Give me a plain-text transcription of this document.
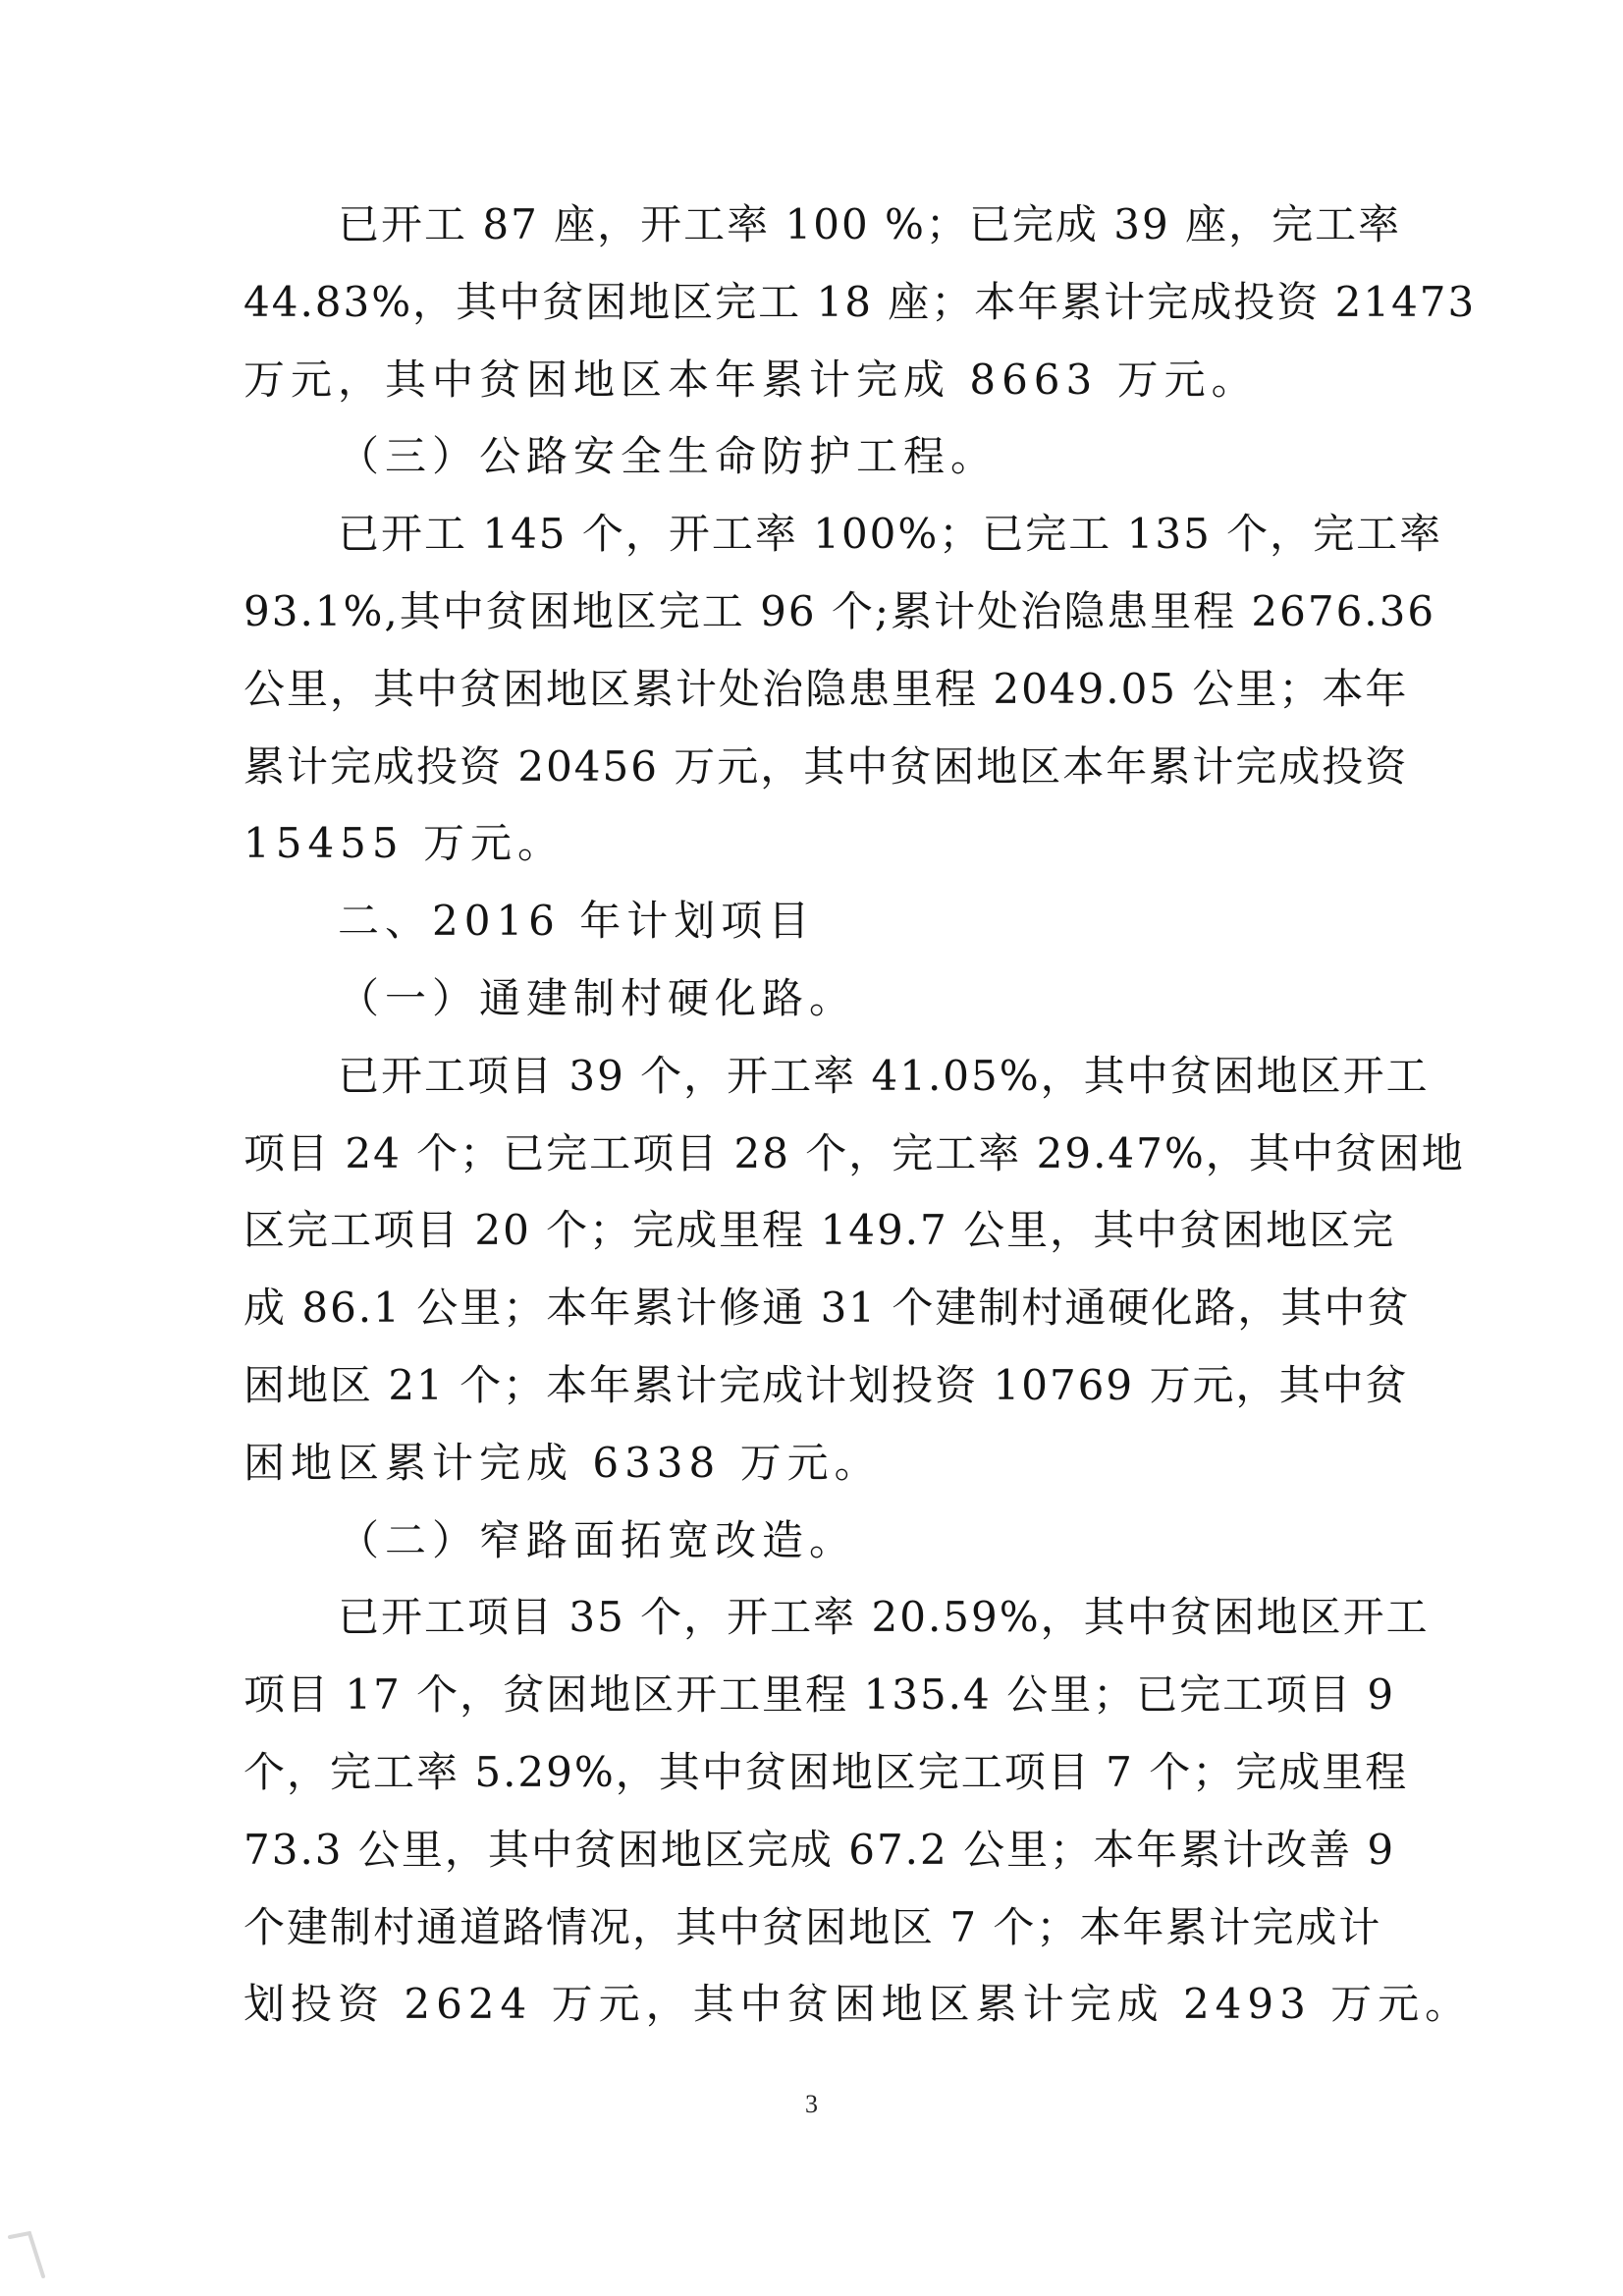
已开工 87 座，开工率 100 %；已完成 39 座，完工率
44.83%，其中贫困地区完工 18 座；本年累计完成投资 21473
万元，其中贫困地区本年累计完成 8663 万元。
（三）公路安全生命防护工程。
已开工 145 个，开工率 100%；已完工 135 个，完工率
93.1%,其中贫困地区完工 96 个;累计处治隐患里程 2676.36
公里，其中贫困地区累计处治隐患里程 2049.05 公里；本年
累计完成投资 20456 万元，其中贫困地区本年累计完成投资
15455 万元。
二、2016 年计划项目
（一）通建制村硬化路。
已开工项目 39 个，开工率 41.05%，其中贫困地区开工
项目 24 个；已完工项目 28 个，完工率 29.47%，其中贫困地
区完工项目 20 个；完成里程 149.7 公里，其中贫困地区完
成 86.1 公里；本年累计修通 31 个建制村通硬化路，其中贫
困地区 21 个；本年累计完成计划投资 10769 万元，其中贫
困地区累计完成 6338 万元。
（二）窄路面拓宽改造。
已开工项目 35 个，开工率 20.59%，其中贫困地区开工
项目 17 个，贫困地区开工里程 135.4 公里；已完工项目 9
个，完工率 5.29%，其中贫困地区完工项目 7 个；完成里程
73.3 公里，其中贫困地区完成 67.2 公里；本年累计改善 9
个建制村通道路情况，其中贫困地区 7 个；本年累计完成计
划投资 2624 万元，其中贫困地区累计完成 2493 万元。
3
